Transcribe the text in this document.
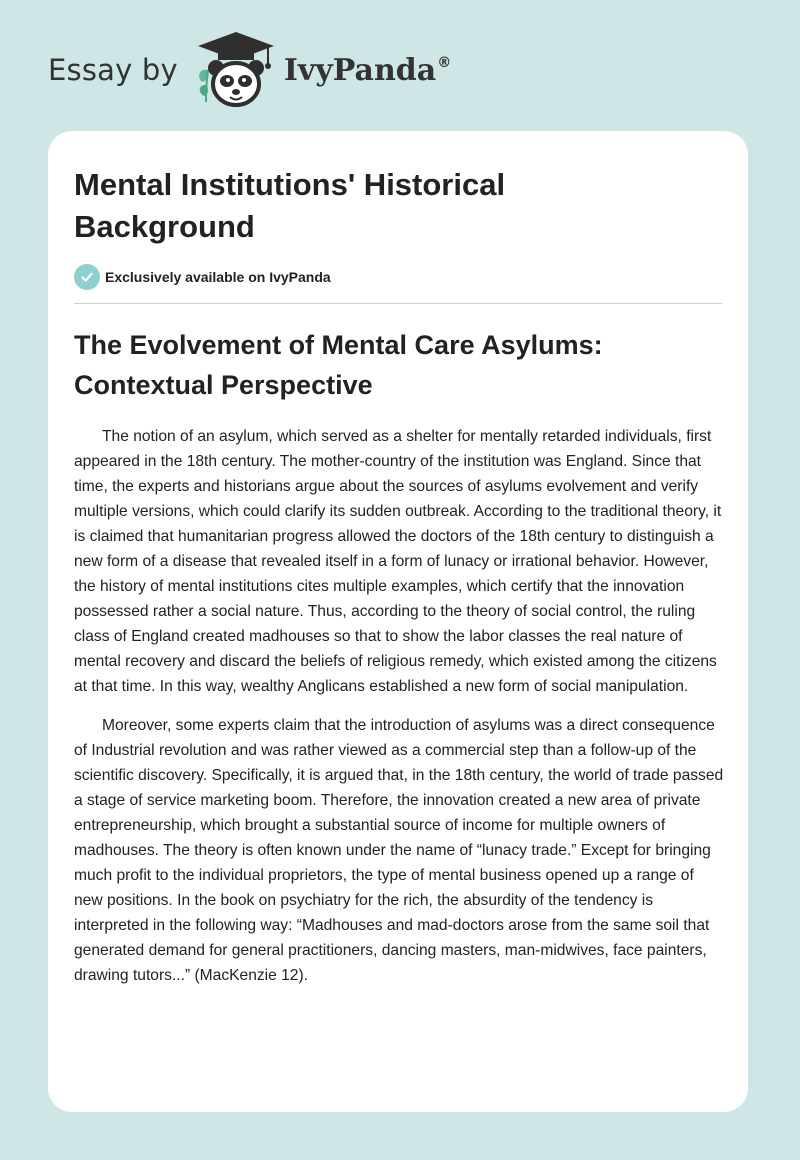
Essay by	IvyPanda®
Mental Institutions' Historical Background
Exclusively available on IvyPanda
The Evolvement of Mental Care Asylums: Contextual Perspective

The notion of an asylum, which served as a shelter for mentally retarded individuals, first appeared in the 18th century. The mother-country of the institution was England. Since that time, the experts and historians argue about the sources of asylums evolvement and verify multiple versions, which could clarify its sudden outbreak. According to the traditional theory, it is claimed that humanitarian progress allowed the doctors of the 18th century to distinguish a new form of a disease that revealed itself in a form of lunacy or irrational behavior. However, the history of mental institutions cites multiple examples, which certify that the innovation possessed rather a social nature. Thus, according to the theory of social control, the ruling class of England created madhouses so that to show the labor classes the real nature of mental recovery and discard the beliefs of religious remedy, which existed among the citizens at that time. In this way, wealthy Anglicans established a new form of social manipulation.

Moreover, some experts claim that the introduction of asylums was a direct consequence of Industrial revolution and was rather viewed as a commercial step than a follow-up of the scientific discovery. Specifically, it is argued that, in the 18th century, the world of trade passed a stage of service marketing boom. Therefore, the innovation created a new area of private entrepreneurship, which brought a substantial source of income for multiple owners of madhouses. The theory is often known under the name of “lunacy trade.” Except for bringing much profit to the individual proprietors, the type of mental business opened up a range of new positions. In the book on psychiatry for the rich, the absurdity of the tendency is interpreted in the following way: “Madhouses and mad-doctors arose from the same soil that generated demand for general practitioners, dancing masters, man-midwives, face painters, drawing tutors...” (MacKenzie 12).
